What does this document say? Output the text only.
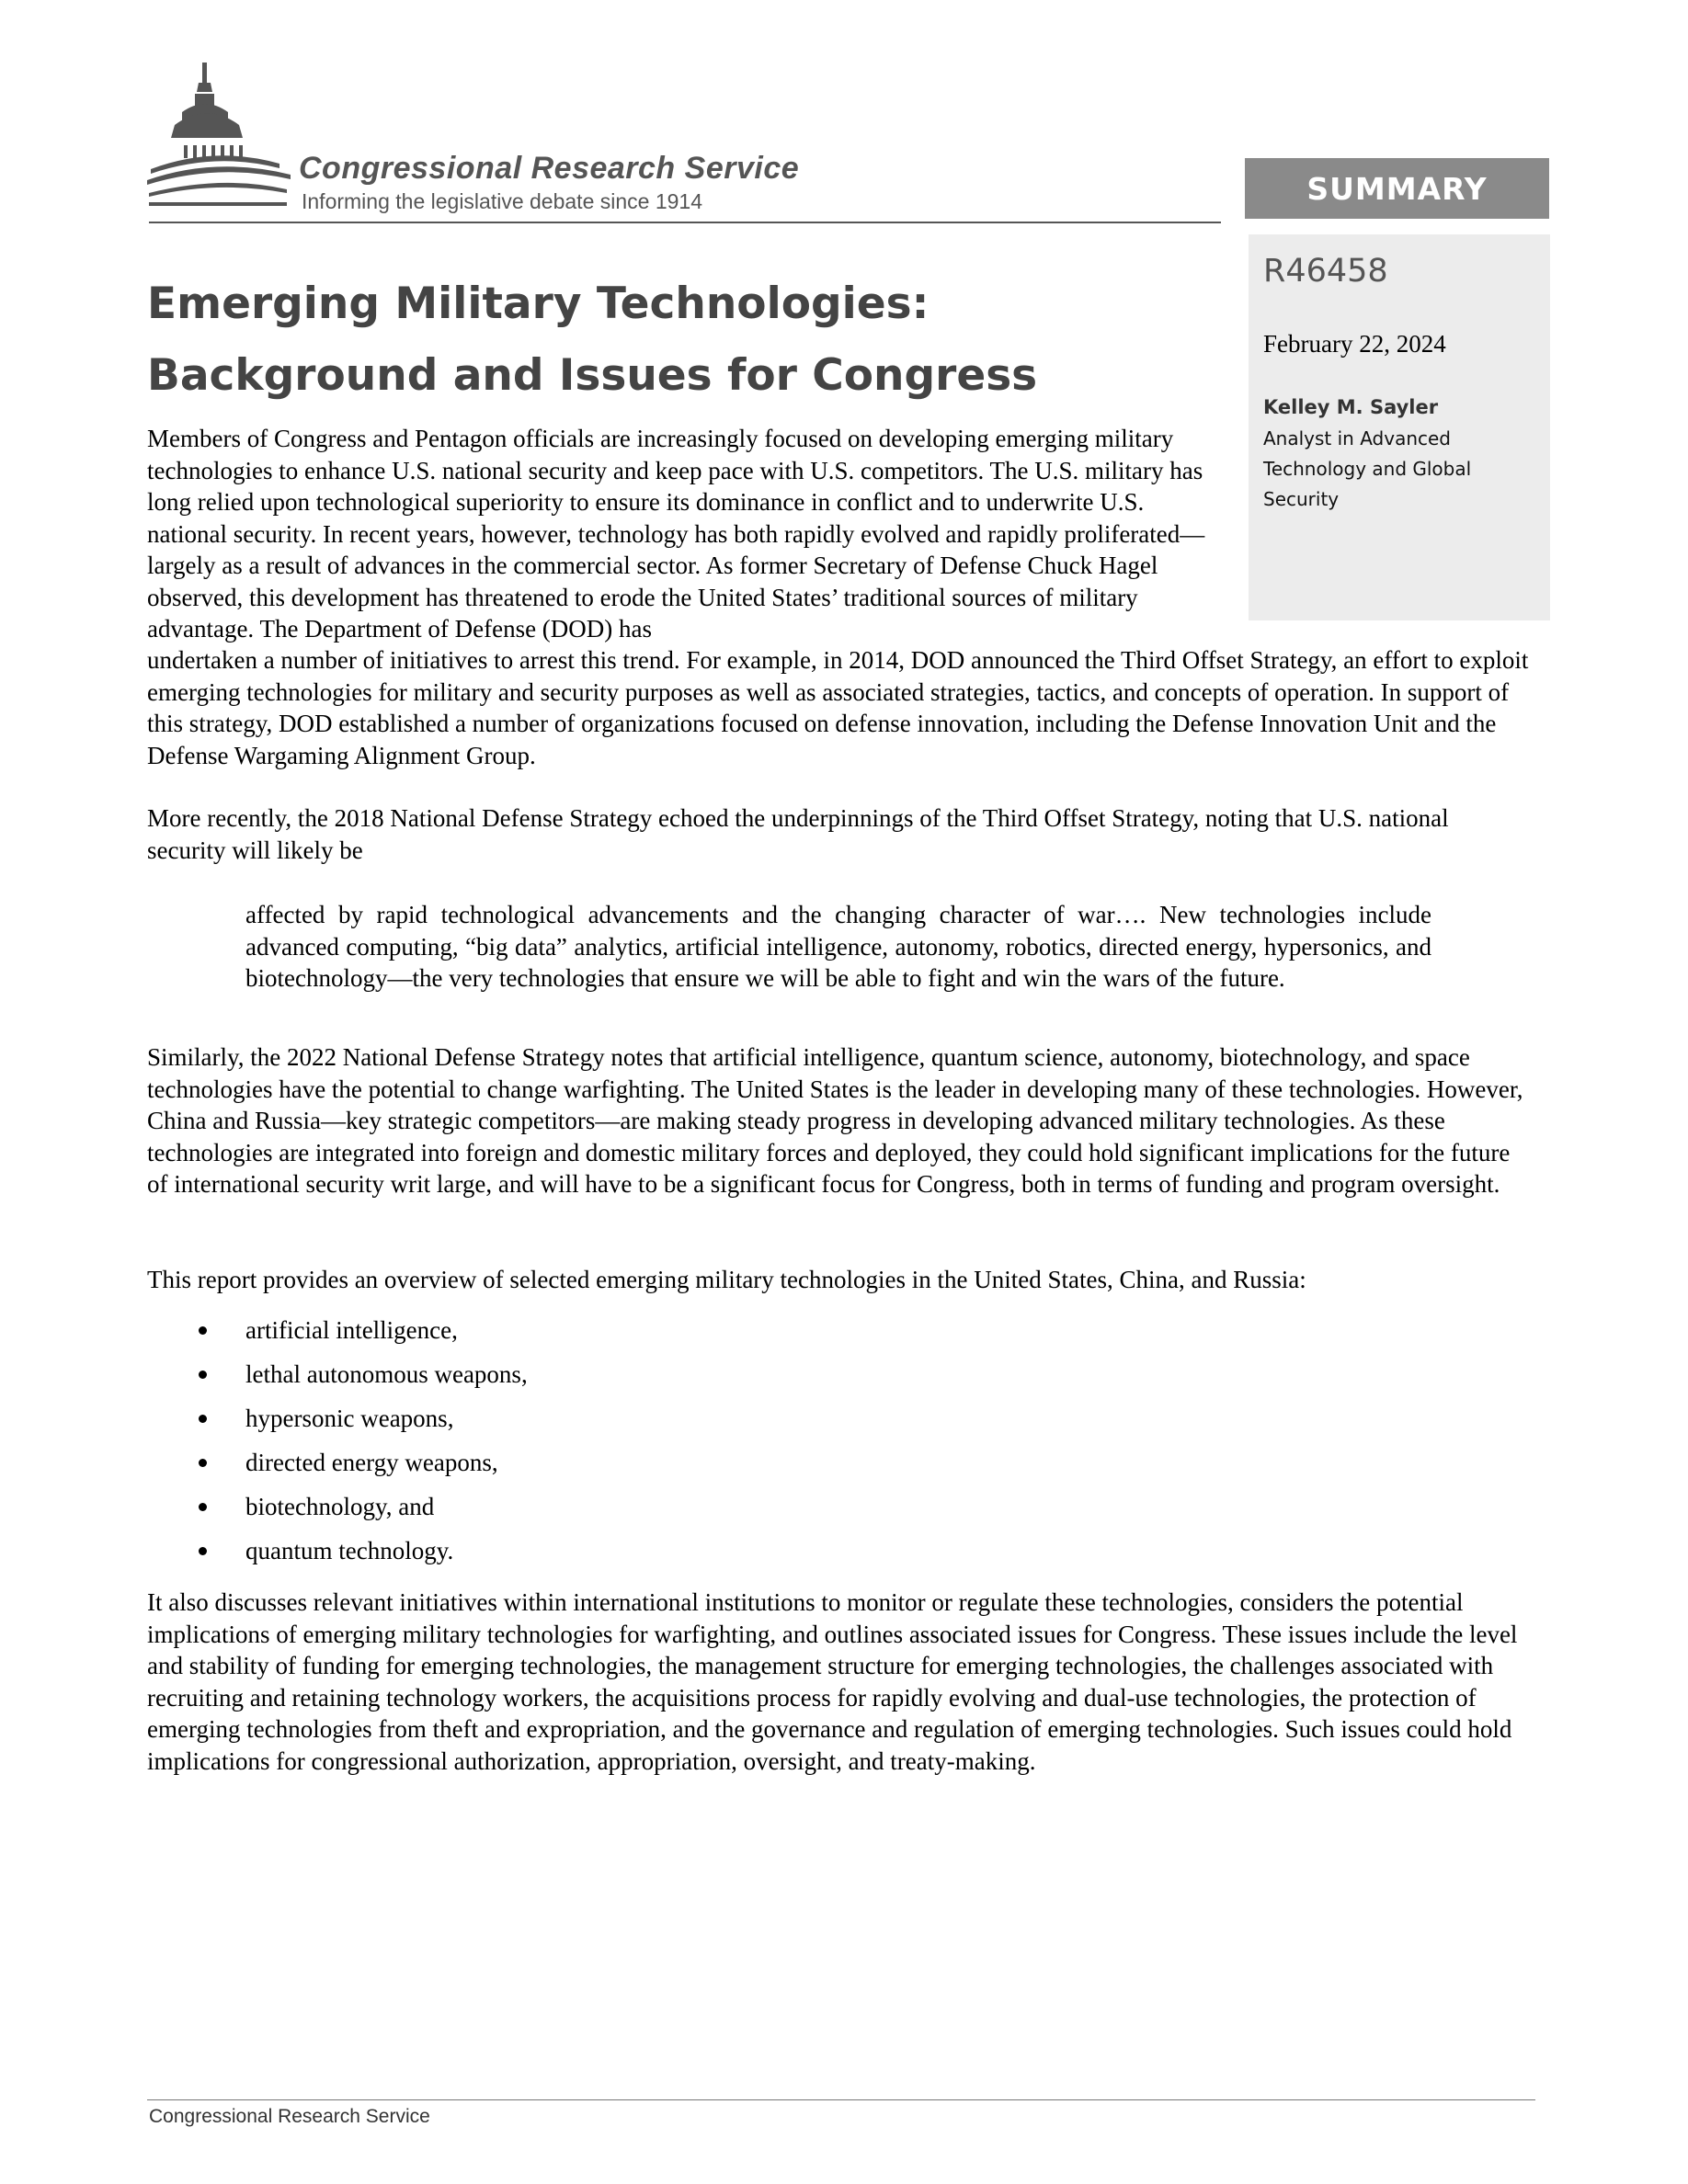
Congressional Research Service
Informing the legislative debate since 1914	SUMMARY
R46458
February 22, 2024
Kelley M. Sayler
Analyst in Advanced Technology and Global Security
Emerging Military Technologies:
Background and Issues for Congress

Members of Congress and Pentagon officials are increasingly focused on developing emerging military technologies to enhance U.S. national security and keep pace with U.S. competitors. The U.S. military has long relied upon technological superiority to ensure its dominance in conflict and to underwrite U.S. national security. In recent years, however, technology has both rapidly evolved and rapidly proliferated—largely as a result of advances in the commercial sector. As former Secretary of Defense Chuck Hagel observed, this development has threatened to erode the United States’ traditional sources of military advantage. The Department of Defense (DOD) has

undertaken a number of initiatives to arrest this trend. For example, in 2014, DOD announced the Third Offset Strategy, an effort to exploit emerging technologies for military and security purposes as well as associated strategies, tactics, and concepts of operation. In support of this strategy, DOD established a number of organizations focused on defense innovation, including the Defense Innovation Unit and the Defense Wargaming Alignment Group.

More recently, the 2018 National Defense Strategy echoed the underpinnings of the Third Offset Strategy, noting that U.S. national security will likely be

affected by rapid technological advancements and the changing character of war…. New technologies include advanced computing, “big data” analytics, artificial intelligence, autonomy, robotics, directed energy, hypersonics, and biotechnology—the very technologies that ensure we will be able to fight and win the wars of the future.

Similarly, the 2022 National Defense Strategy notes that artificial intelligence, quantum science, autonomy, biotechnology, and space technologies have the potential to change warfighting. The United States is the leader in developing many of these technologies. However, China and Russia—key strategic competitors—are making steady progress in developing advanced military technologies. As these technologies are integrated into foreign and domestic military forces and deployed, they could hold significant implications for the future of international security writ large, and will have to be a significant focus for Congress, both in terms of funding and program oversight.

This report provides an overview of selected emerging military technologies in the United States, China, and Russia:

artificial intelligence,
lethal autonomous weapons,
hypersonic weapons,
directed energy weapons,
biotechnology, and
quantum technology.

It also discusses relevant initiatives within international institutions to monitor or regulate these technologies, considers the potential implications of emerging military technologies for warfighting, and outlines associated issues for Congress. These issues include the level and stability of funding for emerging technologies, the management structure for emerging technologies, the challenges associated with recruiting and retaining technology workers, the acquisitions process for rapidly evolving and dual-use technologies, the protection of emerging technologies from theft and expropriation, and the governance and regulation of emerging technologies. Such issues could hold implications for congressional authorization, appropriation, oversight, and treaty-making.

Congressional Research Service
